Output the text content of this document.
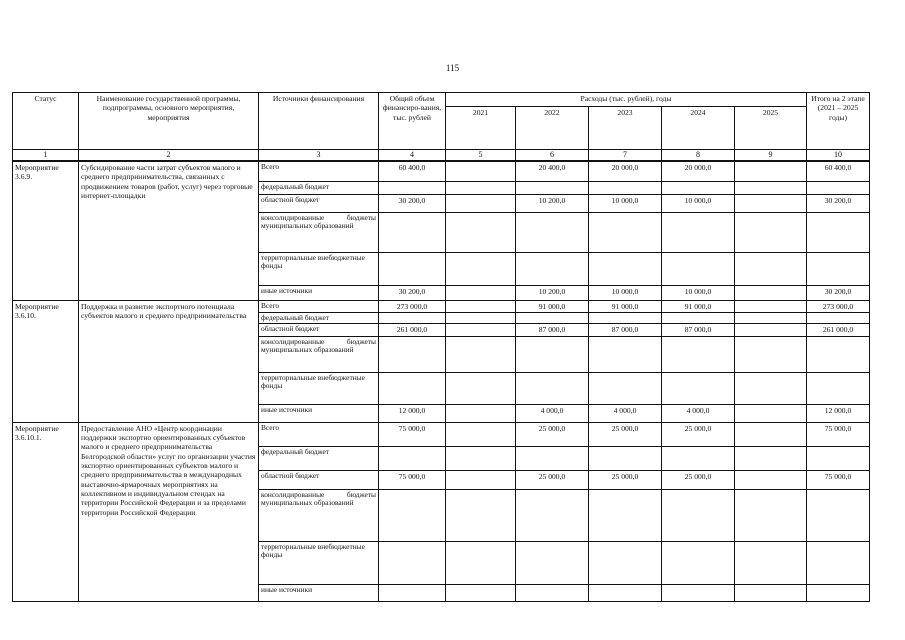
115
Статус	Наименование государственной программы, подпрограммы, основного мероприятия, мероприятия	Источники финансирования	Общий объем финансиро-вания, тыс. рублей	Расходы (тыс. рублей), годы					Итого на 2 этапе (2021 – 2025 годы)
				2021	2022	2023	2024	2025	
1	2	3	4	5	6	7	8	9	10
Мероприятие 3.6.9.	Субсидирование части затрат субъектов малого и среднего предпринимательства, связанных с продвижением товаров (работ, услуг) через торговые интернет-площадки	Всего	60 400,0		20 400,0	20 000,0	20 000,0		60 400,0
		федеральный бюджет							
		областной бюджет	30 200,0		10 200,0	10 000,0	10 000,0		30 200,0
		консолидированные бюджеты муниципальных образований							
		территориальные внебюджетные фонды							
		иные источники	30 200,0		10 200,0	10 000,0	10 000,0		30 200,0
Мероприятие 3.6.10.	Поддержка и развитие экспортного потенциала субъектов малого и среднего предпринимательства	Всего	273 000,0		91 000,0	91 000,0	91 000,0		273 000,0
		федеральный бюджет							
		областной бюджет	261 000,0		87 000,0	87 000,0	87 000,0		261 000,0
		консолидированные бюджеты муниципальных образований							
		территориальные внебюджетные фонды							
		иные источники	12 000,0		4 000,0	4 000,0	4 000,0		12 000,0
Мероприятие 3.6.10.1.	Предоставление АНО «Центр координации поддержки экспортно ориентированных субъектов малого и среднего предпринимательства Белгородской области» услуг по организации участия экспортно ориентированных субъектов малого и среднего предпринимательства в международных выставочно-ярмарочных мероприятиях на коллективном и индивидуальном стендах на территории Российской Федерации и за пределами территории Российской Федерации	Всего	75 000,0		25 000,0	25 000,0	25 000,0		75 000,0
		федеральный бюджет							
		областной бюджет	75 000,0		25 000,0	25 000,0	25 000,0		75 000,0
		консолидированные бюджеты муниципальных образований							
		территориальные внебюджетные фонды							
		иные источники							
